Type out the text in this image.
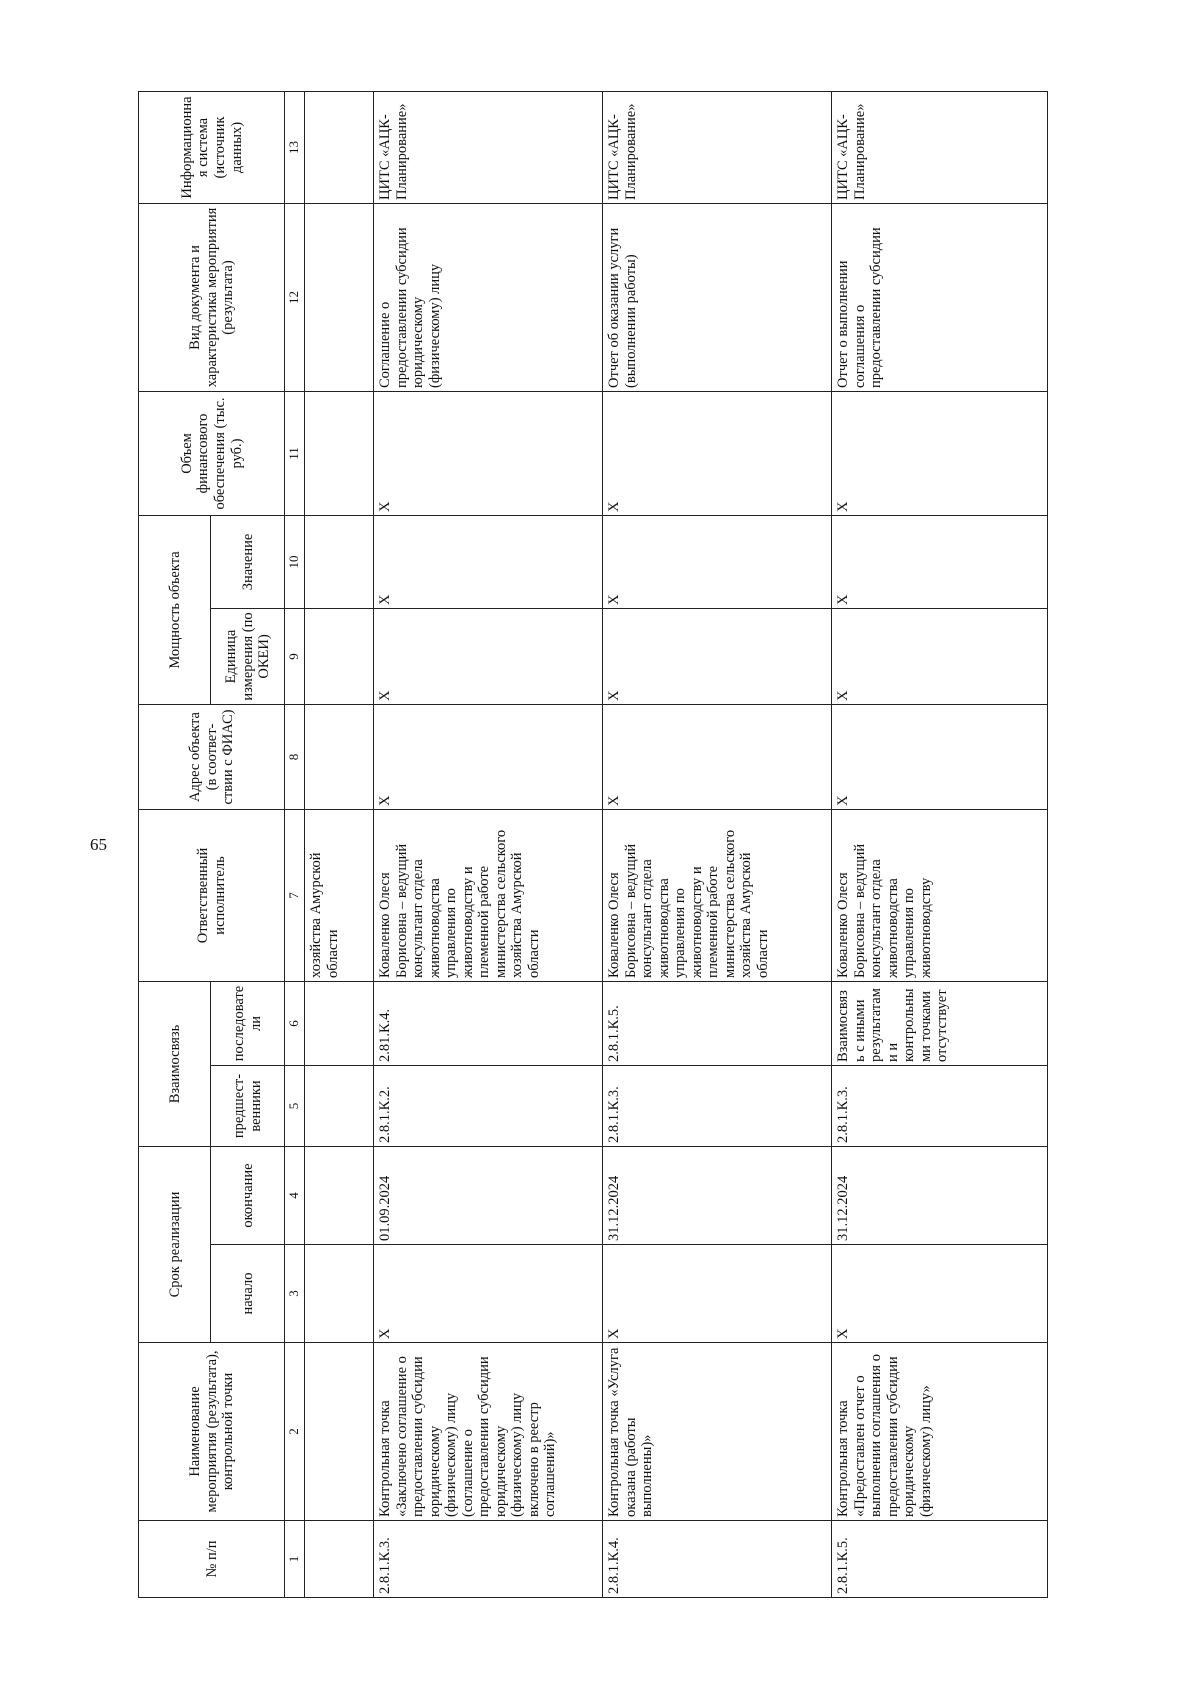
65
№ п/п	Наименование мероприятия (результата), контрольной точки	Срок реализации		Взаимосвязь		Ответственный исполнитель	Адрес объекта (в соответ- ствии с ФИАС)	Мощность объекта		Объем финансового обеспечения (тыс. руб.)	Вид документа и характеристика мероприятия (результата)	Информационная система (источник данных)
		начало	окончание	предшест- венники	последователи			Единица измерения (по ОКЕИ)	Значение			
1	2	3	4	5	6	7	8	9	10	11	12	13
						хозяйства Амурской области						
2.8.1.К.3.	Контрольная точка «Заключено соглашение о предоставлении субсидии юридическому (физическому) лицу (соглашение о предоставлении субсидии юридическому (физическому) лицу включено в реестр соглашений)»	X	01.09.2024	2.8.1.К.2.	2.81.К.4.	Коваленко Олеся Борисовна – ведущий консультант отдела животноводства управления по животноводству и племенной работе министерства сельского хозяйства Амурской области	X	X	X	X	Соглашение о предоставлении субсидии юридическому (физическому) лицу	ЦИТС «АЦК-Планирование»
2.8.1.К.4.	Контрольная точка «Услуга оказана (работы выполнены)»	X	31.12.2024	2.8.1.К.3.	2.8.1.К.5.	Коваленко Олеся Борисовна – ведущий консультант отдела животноводства управления по животноводству и племенной работе министерства сельского хозяйства Амурской области	X	X	X	X	Отчет об оказании услуги (выполнении работы)	ЦИТС «АЦК-Планирование»
2.8.1.К.5.	Контрольная точка «Предоставлен отчет о выполнении соглашения о предоставлении субсидии юридическому (физическому) лицу»	X	31.12.2024	2.8.1.К.3.	Взаимосвязь с иными результатами и контрольными точками отсутствует	Коваленко Олеся Борисовна – ведущий консультант отдела животноводства управления по животноводству	X	X	X	X	Отчет о выполнении соглашения о предоставлении субсидии	ЦИТС «АЦК-Планирование»
